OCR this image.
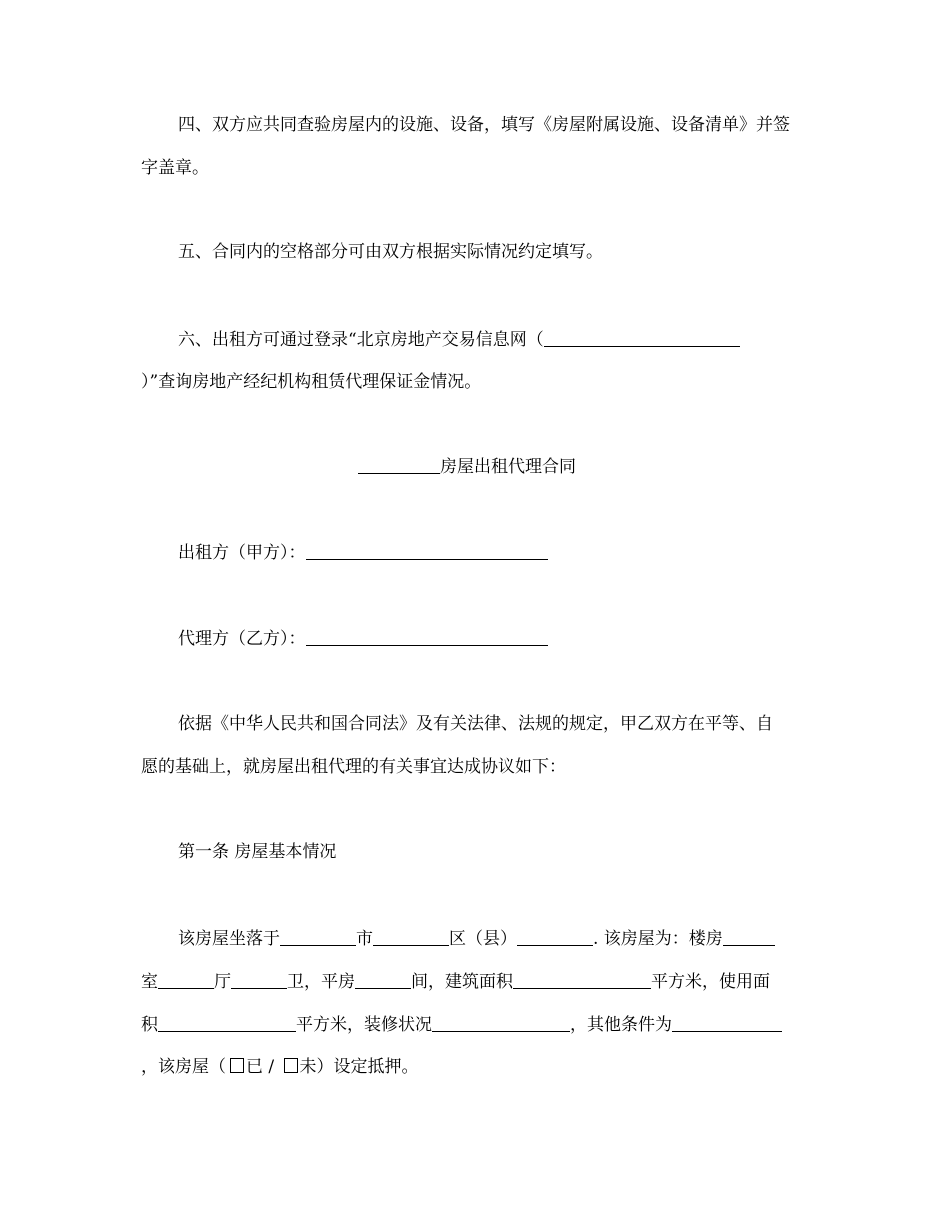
四、双方应共同查验房屋内的设施、设备，填写《房屋附属设施、设备清单》并签
字盖章。
五、合同内的空格部分可由双方根据实际情况约定填写。
六、出租方可通过登录“北京房地产交易信息网（
）”查询房地产经纪机构租赁代理保证金情况。
房屋出租代理合同
出租方（甲方）：
代理方（乙方）：
依据《中华人民共和国合同法》及有关法律、法规的规定，甲乙双方在平等、自
愿的基础上，就房屋出租代理的有关事宜达成协议如下：
第一条 房屋基本情况
该房屋坐落于	市	区（县）	. 该房屋为：楼房
室	厅	卫，平房	间，建筑面积	平方米，使用面
积	平方米，装修状况	，其他条件为
，该房屋（ 已 / 未）设定抵押。
